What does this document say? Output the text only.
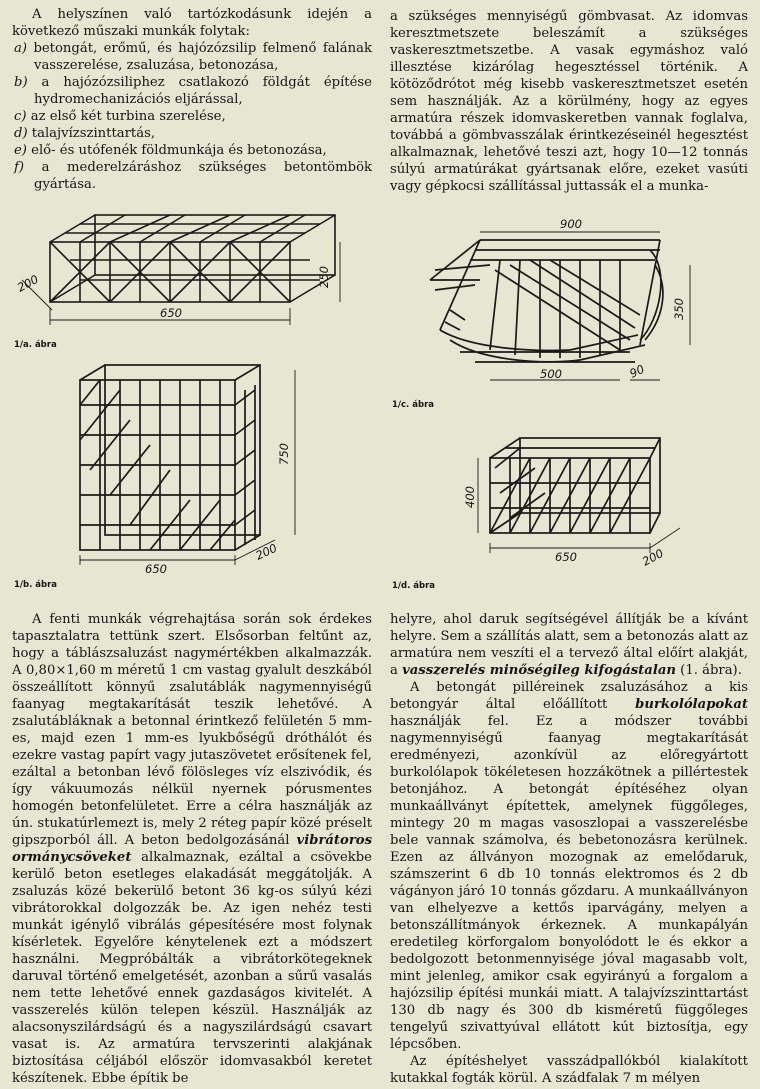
A helyszínen való tartózkodásunk idején a következő műszaki munkák folytak:

a) betongát, erőmű, és hajózózsilip felmenő falának vasszerelése, zsaluzása, betonozása,

b) a hajózózsiliphez csatlakozó földgát építése hydromechanizációs eljárással,

c) az első két turbina szerelése,

d) talajvízszinttartás,

e) elő- és utófenék földmunkája és betonozása,

f) a mederelzáráshoz szükséges betontömbök gyártása.

a szükséges mennyiségű gömbvasat. Az idomvas keresztmetszete beleszámít a szükséges vaskeresztmetszetbe. A vasak egymáshoz való illesztése kizárólag hegesztéssel történik. A kötöződrótot még kisebb vaskeresztmetszet esetén sem használják. Az a körülmény, hogy az egyes armatúra részek idomvaskeretben vannak foglalva, továbbá a gömbvasszálak érintkezéseinél hegesztést alkalmaznak, lehetővé teszi azt, hogy 10—12 tonnás súlyú armatúrákat gyártsanak előre, ezeket vasúti vagy gépkocsi szállítással juttassák el a munka-

650
250
200
1/a. ábra
650
750
200
1/b. ábra
900
350
500	90
1/c. ábra
650
400
200
1/d. ábra

A fenti munkák végrehajtása során sok érdekes tapasztalatra tettünk szert. Elsősorban feltűnt az, hogy a táblászsaluzást nagymértékben alkalmazzák. A 0,80×1,60 m méretű 1 cm vastag gyalult deszkából összeállított könnyű zsalutáblák nagymennyiségű faanyag megtakarítását teszik lehetővé. A zsalutábláknak a betonnal érintkező felületén 5 mm-es, majd ezen 1 mm-es lyukbőségű dróthálót és ezekre vastag papírt vagy jutaszövetet erősítenek fel, ezáltal a betonban lévő fölösleges víz elszivódik, és így vákuumozás nélkül nyernek pórusmentes homogén betonfelületet. Erre a célra használják az ún. stukatúrlemezt is, mely 2 réteg papír közé préselt gipszporból áll. A beton bedolgozásánál vibrátoros ormánycsöveket alkalmaznak, ezáltal a csövekbe kerülő beton esetleges elakadását meggátolják. A zsaluzás közé bekerülő betont 36 kg-os súlyú kézi vibrátorokkal dolgozzák be. Az igen nehéz testi munkát igénylő vibrálás gépesítésére most folynak kísérletek. Egyelőre kénytelenek ezt a módszert használni. Megpróbálták a vibrátorkötegeknek daruval történő emelgetését, azonban a sűrű vasalás nem tette lehetővé ennek gazdaságos kivitelét. A vasszerelés külön telepen készül. Használják az alacsonyszilárdságú és a nagyszilárdságú csavart vasat is. Az armatúra tervszerinti alakjának biztosítása céljából először idomvasakból keretet készítenek. Ebbe építik be

helyre, ahol daruk segítségével állítják be a kívánt helyre. Sem a szállítás alatt, sem a betonozás alatt az armatúra nem veszíti el a tervező által előírt alakját, a vasszerelés minőségileg kifogástalan (1. ábra).

A betongát pillérеinek zsaluzásához a kis betongyár által előállított burkolólapokat használják fel. Ez a módszer további nagymennyiségű faanyag megtakarítását eredményezi, azonkívül az előregyártott burkolólapok tökéletesen hozzákötnek a pillértestek betonjához. A betongát építéséhez olyan munkaállványt építettek, amelynek függőleges, mintegy 20 m magas vasoszlopai a vasszerelésbe bele vannak számolva, és bebetonozásra kerülnek. Ezen az állványon mozognak az emelődaruk, számszerint 6 db 10 tonnás elektromos és 2 db vágányon járó 10 tonnás gőzdaru. A munkaállványon van elhelyezve a kettős iparvágány, melyen a betonszállítmányok érkeznek. A munkapályán eredetileg körforgalom bonyolódott le és ekkor a bedolgozott betonmennyisége jóval magasabb volt, mint jelenleg, amikor csak egyirányú a forgalom a hajózsilip építési munkái miatt. A talajvízszinttartást 130 db nagy és 300 db kisméretű függőleges tengelyű szivattyúval ellátott kút biztosítja, egy lépcsőben.

Az építéshelyet vasszádpallókból kialakított kutakkal fogták körül. A szádfalak 7 m mélyen
